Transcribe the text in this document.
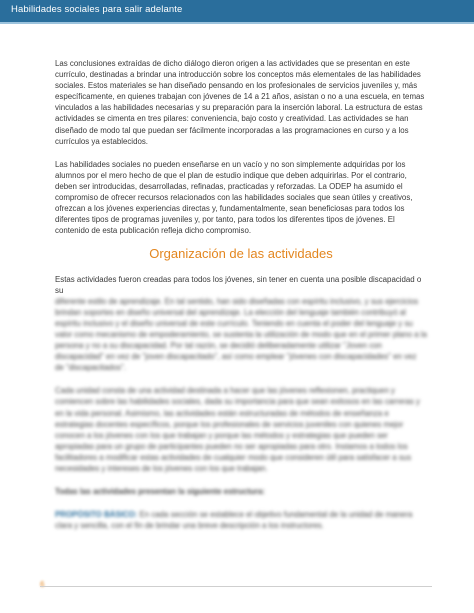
Habilidades sociales para salir adelante

Las conclusiones extraídas de dicho diálogo dieron origen a las actividades que se presentan en este currículo, destinadas a brindar una introducción sobre los conceptos más elementales de las habilidades sociales. Estos materiales se han diseñado pensando en los profesionales de servicios juveniles y, más específicamente, en quienes trabajan con jóvenes de 14 a 21 años, asistan o no a una escuela, en temas vinculados a las habilidades necesarias y su preparación para la inserción laboral. La estructura de estas actividades se cimenta en tres pilares: conveniencia, bajo costo y creatividad. Las actividades se han diseñado de modo tal que puedan ser fácilmente incorporadas a las programaciones en curso y a los currículos ya establecidos.

Las habilidades sociales no pueden enseñarse en un vacío y no son simplemente adquiridas por los alumnos por el mero hecho de que el plan de estudio indique que deben adquirirlas. Por el contrario, deben ser introducidas, desarrolladas, refinadas, practicadas y reforzadas. La ODEP ha asumido el compromiso de ofrecer recursos relacionados con las habilidades sociales que sean útiles y creativos, ofrezcan a los jóvenes experiencias directas y, fundamentalmente, sean beneficiosas para todos los diferentes tipos de programas juveniles y, por tanto, para todos los diferentes tipos de jóvenes. El contenido de esta publicación refleja dicho compromiso.

Organización de las actividades

Estas actividades fueron creadas para todos los jóvenes, sin tener en cuenta una posible discapacidad o su

diferente estilo de aprendizaje. En tal sentido, han sido diseñadas con espíritu inclusivo, y sus ejercicios brindan soportes en diseño universal del aprendizaje. La elección del lenguaje también contribuyó al espíritu inclusivo y el diseño universal de este currículo. Teniendo en cuenta el poder del lenguaje y su valor como mecanismo de empoderamiento, se sustenta la utilización de modo que en el primer plano a la persona y no a su discapacidad. Por tal razón, se decidió deliberadamente utilizar "Joven con discapacidad" en vez de "joven discapacitado", así como emplear "jóvenes con discapacidades" en vez de "discapacitados".

Cada unidad consta de una actividad destinada a hacer que las jóvenes reflexionen, practiquen y comiencen sobre las habilidades sociales, dada su importancia para que sean exitosos en las carreras y en la vida personal. Asimismo, las actividades están estructuradas de métodos de enseñanza e estrategias docentes específicos, porque los profesionales de servicios juveniles con quienes mejor conocen a los jóvenes con los que trabajan y porque las métodos y estrategias que pueden ser apropiadas para un grupo de participantes pueden no ser apropiadas para otro. Instamos a todos los facilitadores a modificar estas actividades de cualquier modo que consideren útil para satisfacer a sus necesidades y intereses de los jóvenes con los que trabajan.

Todas las actividades presentan la siguiente estructura:

PROPÓSITO BÁSICO: En cada sección se establece el objetivo fundamental de la unidad de manera clara y sencilla, con el fin de brindar una breve descripción a los instructores.

6
